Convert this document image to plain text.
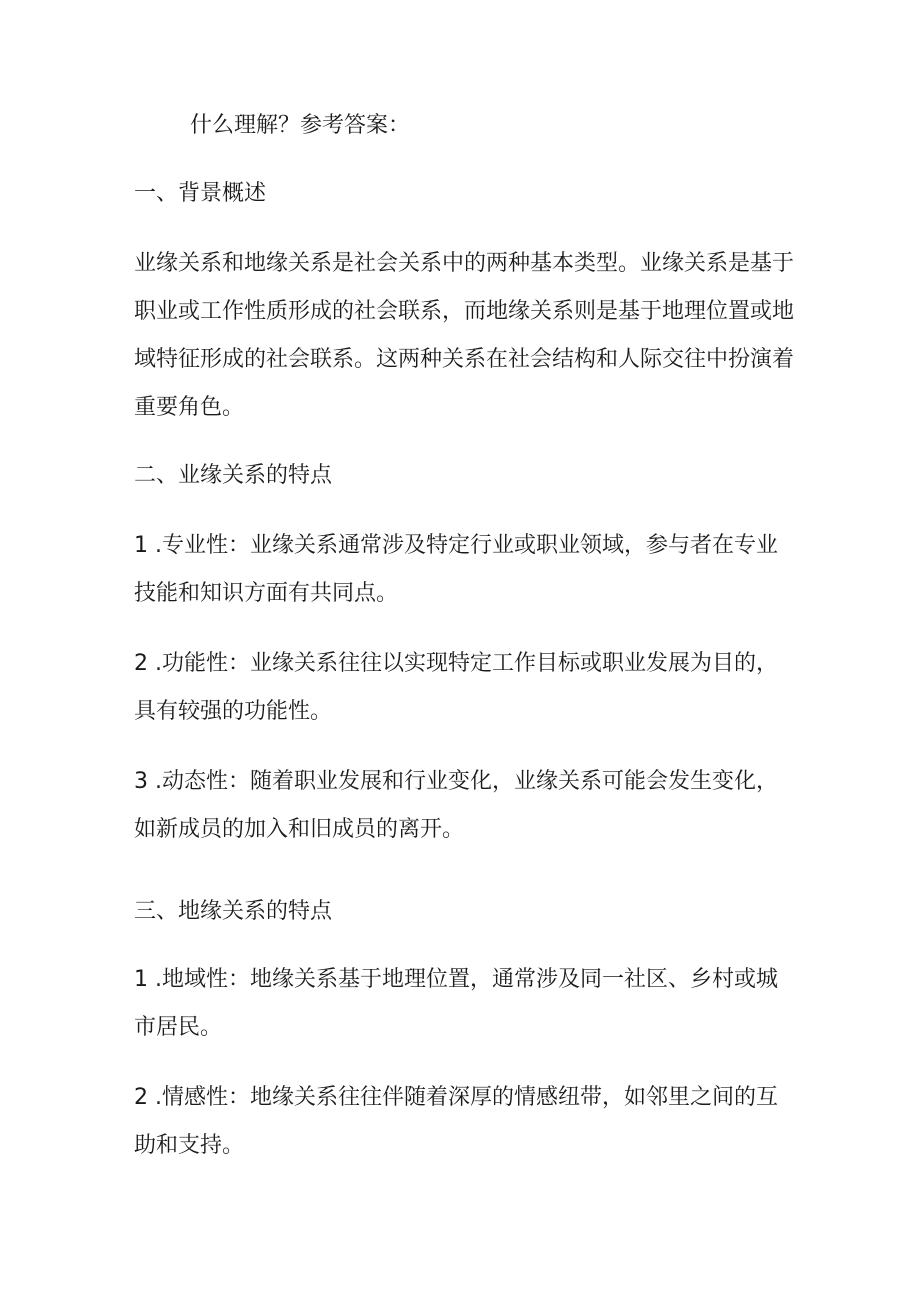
什么理解？参考答案：

一、背景概述

业缘关系和地缘关系是社会关系中的两种基本类型。业缘关系是基于职业或工作性质形成的社会联系，而地缘关系则是基于地理位置或地域特征形成的社会联系。这两种关系在社会结构和人际交往中扮演着重要角色。

二、业缘关系的特点

1 .专业性：业缘关系通常涉及特定行业或职业领域，参与者在专业技能和知识方面有共同点。

2 .功能性：业缘关系往往以实现特定工作目标或职业发展为目的，具有较强的功能性。

3 .动态性：随着职业发展和行业变化，业缘关系可能会发生变化，如新成员的加入和旧成员的离开。

三、地缘关系的特点

1 .地域性：地缘关系基于地理位置，通常涉及同一社区、乡村或城市居民。

2 .情感性：地缘关系往往伴随着深厚的情感纽带，如邻里之间的互助和支持。
